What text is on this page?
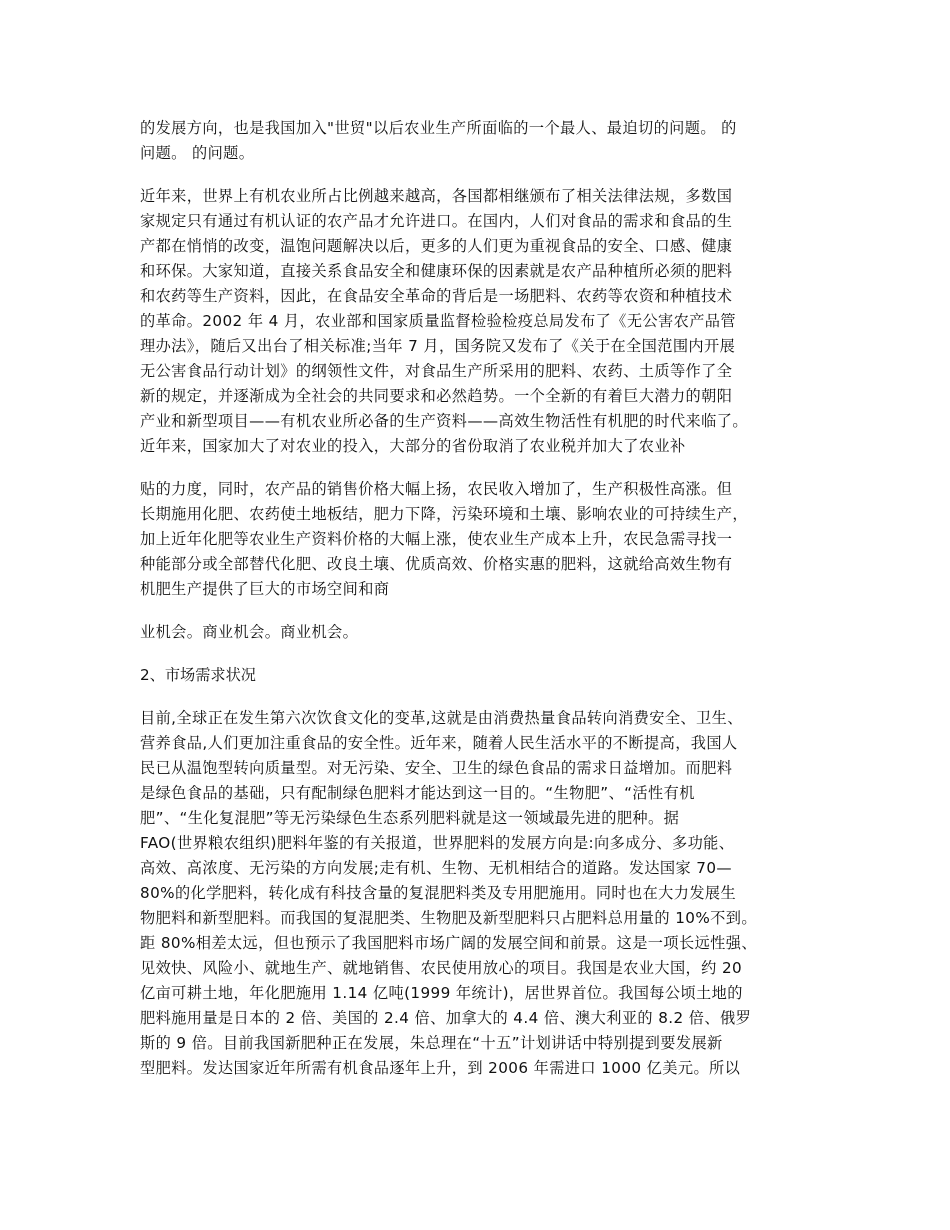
的发展方向，也是我国加入"世贸"以后农业生产所面临的一个最人、最迫切的问题。 的
问题。 的问题。

近年来，世界上有机农业所占比例越来越高，各国都相继颁布了相关法律法规，多数国
家规定只有通过有机认证的农产品才允许进口。在国内，人们对食品的需求和食品的生
产都在悄悄的改变，温饱问题解决以后，更多的人们更为重视食品的安全、口感、健康
和环保。大家知道，直接关系食品安全和健康环保的因素就是农产品种植所必须的肥料
和农药等生产资料，因此，在食品安全革命的背后是一场肥料、农药等农资和种植技术
的革命。2002 年 4 月，农业部和国家质量监督检验检疫总局发布了《无公害农产品管
理办法》，随后又出台了相关标准;当年 7 月，国务院又发布了《关于在全国范围内开展
无公害食品行动计划》的纲领性文件，对食品生产所采用的肥料、农药、土质等作了全
新的规定，并逐渐成为全社会的共同要求和必然趋势。一个全新的有着巨大潜力的朝阳
产业和新型项目——有机农业所必备的生产资料——高效生物活性有机肥的时代来临了。
近年来，国家加大了对农业的投入，大部分的省份取消了农业税并加大了农业补

贴的力度，同时，农产品的销售价格大幅上扬，农民收入增加了，生产积极性高涨。但
长期施用化肥、农药使土地板结，肥力下降，污染环境和土壤、影响农业的可持续生产，
加上近年化肥等农业生产资料价格的大幅上涨，使农业生产成本上升，农民急需寻找一
种能部分或全部替代化肥、改良土壤、优质高效、价格实惠的肥料，这就给高效生物有
机肥生产提供了巨大的市场空间和商

业机会。商业机会。商业机会。

2、市场需求状况

目前,全球正在发生第六次饮食文化的变革,这就是由消费热量食品转向消费安全、卫生、
营养食品,人们更加注重食品的安全性。近年来，随着人民生活水平的不断提高，我国人
民已从温饱型转向质量型。对无污染、安全、卫生的绿色食品的需求日益增加。而肥料
是绿色食品的基础，只有配制绿色肥料才能达到这一目的。“生物肥”、“活性有机
肥”、“生化复混肥”等无污染绿色生态系列肥料就是这一领域最先进的肥种。据
FAO(世界粮农组织)肥料年鉴的有关报道，世界肥料的发展方向是:向多成分、多功能、
高效、高浓度、无污染的方向发展;走有机、生物、无机相结合的道路。发达国家 70—
80%的化学肥料，转化成有科技含量的复混肥料类及专用肥施用。同时也在大力发展生
物肥料和新型肥料。而我国的复混肥类、生物肥及新型肥料只占肥料总用量的 10%不到。
距 80%相差太远，但也预示了我国肥料市场广阔的发展空间和前景。这是一项长远性强、
见效快、风险小、就地生产、就地销售、农民使用放心的项目。我国是农业大国，约 20
亿亩可耕土地，年化肥施用 1.14 亿吨(1999 年统计)，居世界首位。我国每公顷土地的
肥料施用量是日本的 2 倍、美国的 2.4 倍、加拿大的 4.4 倍、澳大利亚的 8.2 倍、俄罗
斯的 9 倍。目前我国新肥种正在发展，朱总理在“十五”计划讲话中特别提到要发展新
型肥料。发达国家近年所需有机食品逐年上升，到 2006 年需进口 1000 亿美元。所以
